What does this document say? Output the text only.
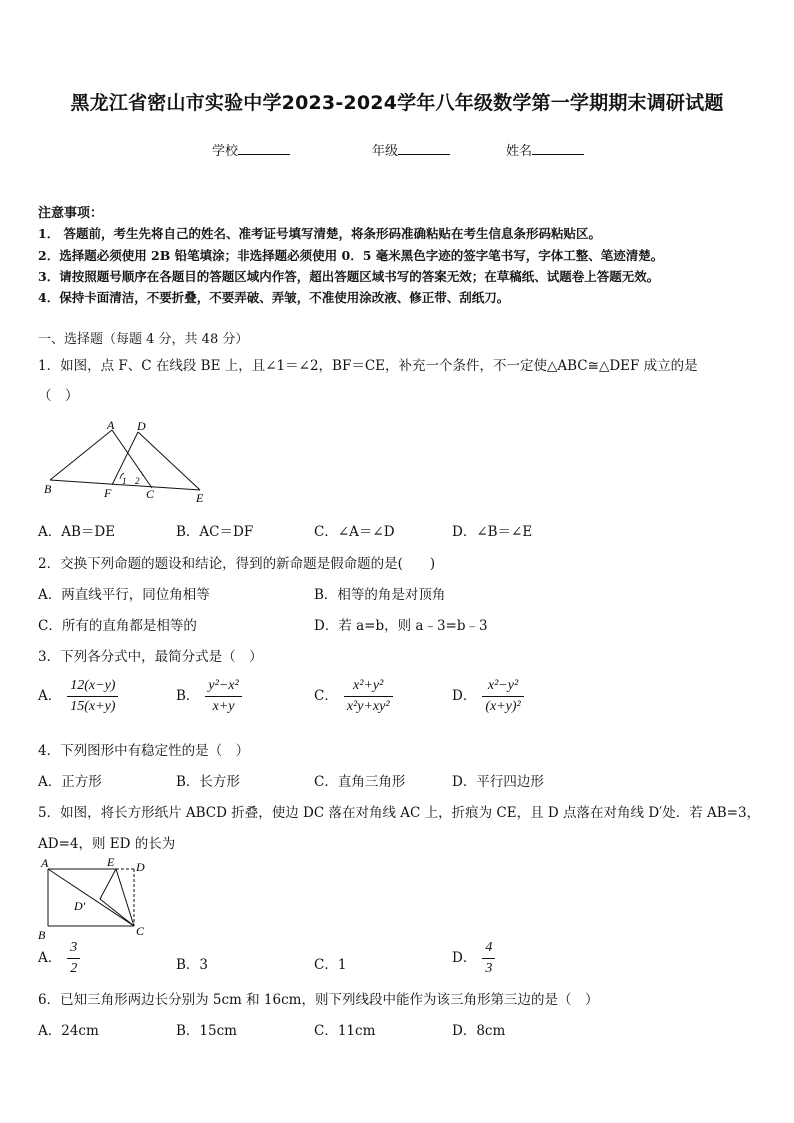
黑龙江省密山市实验中学2023-2024学年八年级数学第一学期期末调研试题
学校	年级	姓名
注意事项：
1． 答题前，考生先将自己的姓名、准考证号填写清楚，将条形码准确粘贴在考生信息条形码粘贴区。
2．选择题必须使用 2B 铅笔填涂；非选择题必须使用 0．5 毫米黑色字迹的签字笔书写，字体工整、笔迹清楚。
3．请按照题号顺序在各题目的答题区域内作答，超出答题区域书写的答案无效；在草稿纸、试题卷上答题无效。
4．保持卡面清洁，不要折叠，不要弄破、弄皱，不准使用涂改液、修正带、刮纸刀。
一、选择题（每题 4 分，共 48 分）
1．如图，点 F、C 在线段 BE 上，且∠1＝∠2，BF＝CE，补充一个条件，不一定使△ABC≅△DEF 成立的是
（　）
A D
B	F	C	E
1 2
A．AB＝DE	B．AC＝DF	C．∠A＝∠D	D．∠B＝∠E
2．交换下列命题的题设和结论，得到的新命题是假命题的是(　　)
A．两直线平行，同位角相等	B．相等的角是对顶角
C．所有的直角都是相等的	D．若 a=b，则 a﹣3=b﹣3
3．下列各分式中，最简分式是（　）
A． $\frac{12(x-y)}{15(x+y)}$	B． $\frac{\text{y²−x²}}{x+y}$	C． $\frac{\text{x²+y²}}{\text{x²y+xy²}}$	D． $\frac{\text{x²−y²}}{\text{(x+y)²}}$
4．下列图形中有稳定性的是（　）
A．正方形	B．长方形	C．直角三角形	D．平行四边形
5．如图，将长方形纸片 ABCD 折叠，使边 DC 落在对角线 AC 上，折痕为 CE，且 D 点落在对角线 D′处．若 AB=3，
AD=4，则 ED 的长为
A	E D
D′
B	C
A． $\frac{3}{2}$	B．3	C．1	D． $\frac{4}{3}$
6．已知三角形两边长分别为 5cm 和 16cm，则下列线段中能作为该三角形第三边的是（　）
A．24cm	B．15cm	C．11cm	D．8cm
